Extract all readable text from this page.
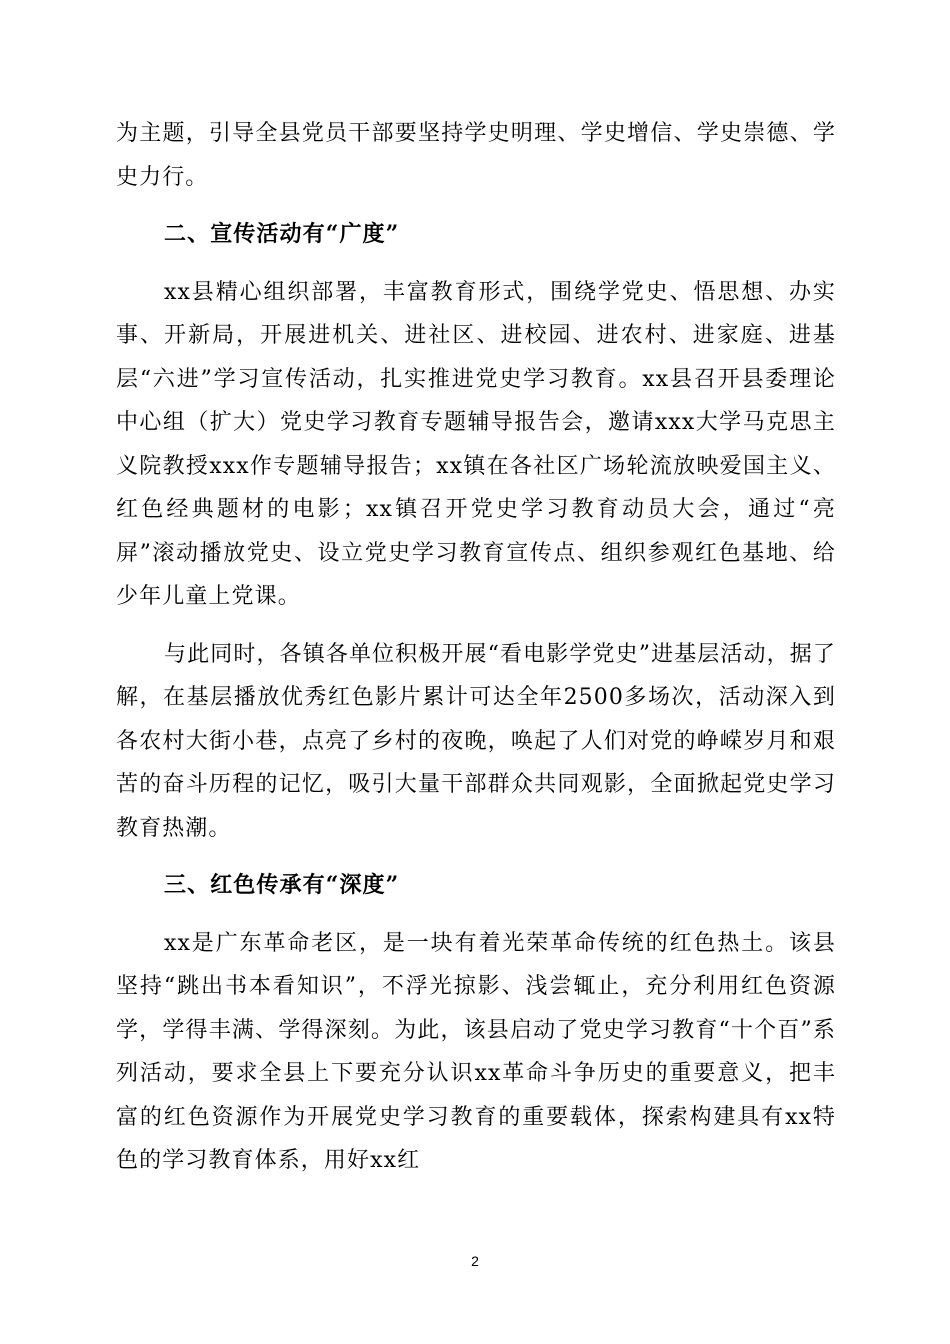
为主题，引导全县党员干部要坚持学史明理、学史增信、学史崇德、学史力行。

二、宣传活动有“广度”

xx县精心组织部署，丰富教育形式，围绕学党史、悟思想、办实事、开新局，开展进机关、进社区、进校园、进农村、进家庭、进基层“六进”学习宣传活动，扎实推进党史学习教育。xx县召开县委理论中心组（扩大）党史学习教育专题辅导报告会，邀请xxx大学马克思主义院教授xxx作专题辅导报告；xx镇在各社区广场轮流放映爱国主义、红色经典题材的电影；xx镇召开党史学习教育动员大会，通过“亮屏”滚动播放党史、设立党史学习教育宣传点、组织参观红色基地、给少年儿童上党课。

与此同时，各镇各单位积极开展“看电影学党史”进基层活动，据了解，在基层播放优秀红色影片累计可达全年2500多场次，活动深入到各农村大街小巷，点亮了乡村的夜晚，唤起了人们对党的峥嵘岁月和艰苦的奋斗历程的记忆，吸引大量干部群众共同观影，全面掀起党史学习教育热潮。

三、红色传承有“深度”

xx是广东革命老区，是一块有着光荣革命传统的红色热土。该县坚持“跳出书本看知识”，不浮光掠影、浅尝辄止，充分利用红色资源学，学得丰满、学得深刻。为此，该县启动了党史学习教育“十个百”系列活动，要求全县上下要充分认识xx革命斗争历史的重要意义，把丰富的红色资源作为开展党史学习教育的重要载体，探索构建具有xx特色的学习教育体系，用好xx红

2
